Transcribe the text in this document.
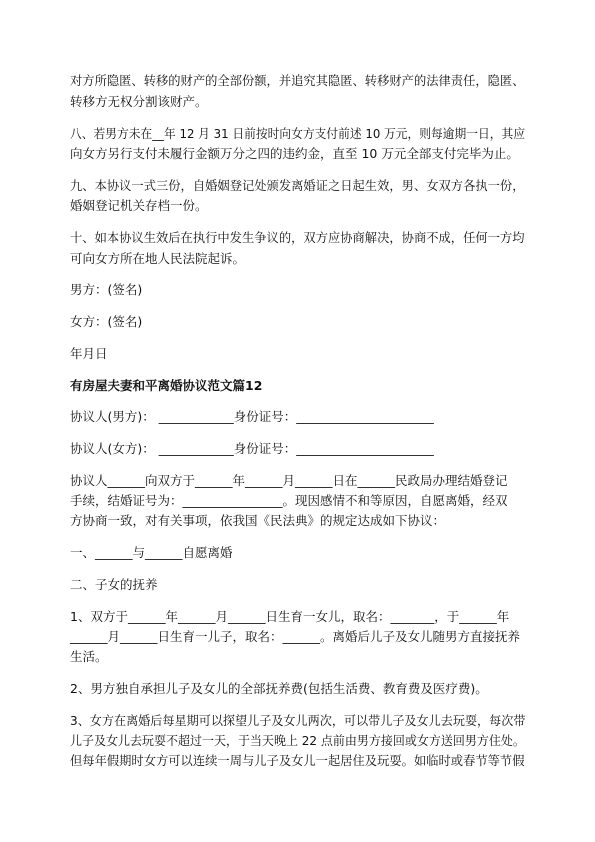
对方所隐匿、转移的财产的全部份额，并追究其隐匿、转移财产的法律责任，隐匿、
转移方无权分割该财产。
八、若男方未在__年 12 月 31 日前按时向女方支付前述 10 万元，则每逾期一日，其应
向女方另行支付未履行金额万分之四的违约金，直至 10 万元全部支付完毕为止。
九、本协议一式三份，自婚姻登记处颁发离婚证之日起生效，男、女双方各执一份，
婚姻登记机关存档一份。
十、如本协议生效后在执行中发生争议的，双方应协商解决，协商不成，任何一方均
可向女方所在地人民法院起诉。
男方：(签名)
女方：(签名)
年月日
有房屋夫妻和平离婚协议范文篇12
协议人(男方)： ____________身份证号：______________________
协议人(女方)： ____________身份证号：______________________
协议人______向双方于______年______月______日在______民政局办理结婚登记
手续，结婚证号为：________________。现因感情不和等原因，自愿离婚，经双
方协商一致，对有关事项，依我国《民法典》的规定达成如下协议：
一、______与______自愿离婚
二、子女的抚养
1、双方于______年______月______日生育一女儿，取名：_______，于______年
______月______日生育一儿子，取名：______。离婚后儿子及女儿随男方直接抚养
生活。
2、男方独自承担儿子及女儿的全部抚养费(包括生活费、教育费及医疗费)。
3、女方在离婚后每星期可以探望儿子及女儿两次，可以带儿子及女儿去玩耍，每次带
儿子及女儿去玩耍不超过一天，于当天晚上 22 点前由男方接回或女方送回男方住处。
但每年假期时女方可以连续一周与儿子及女儿一起居住及玩耍。如临时或春节等节假
